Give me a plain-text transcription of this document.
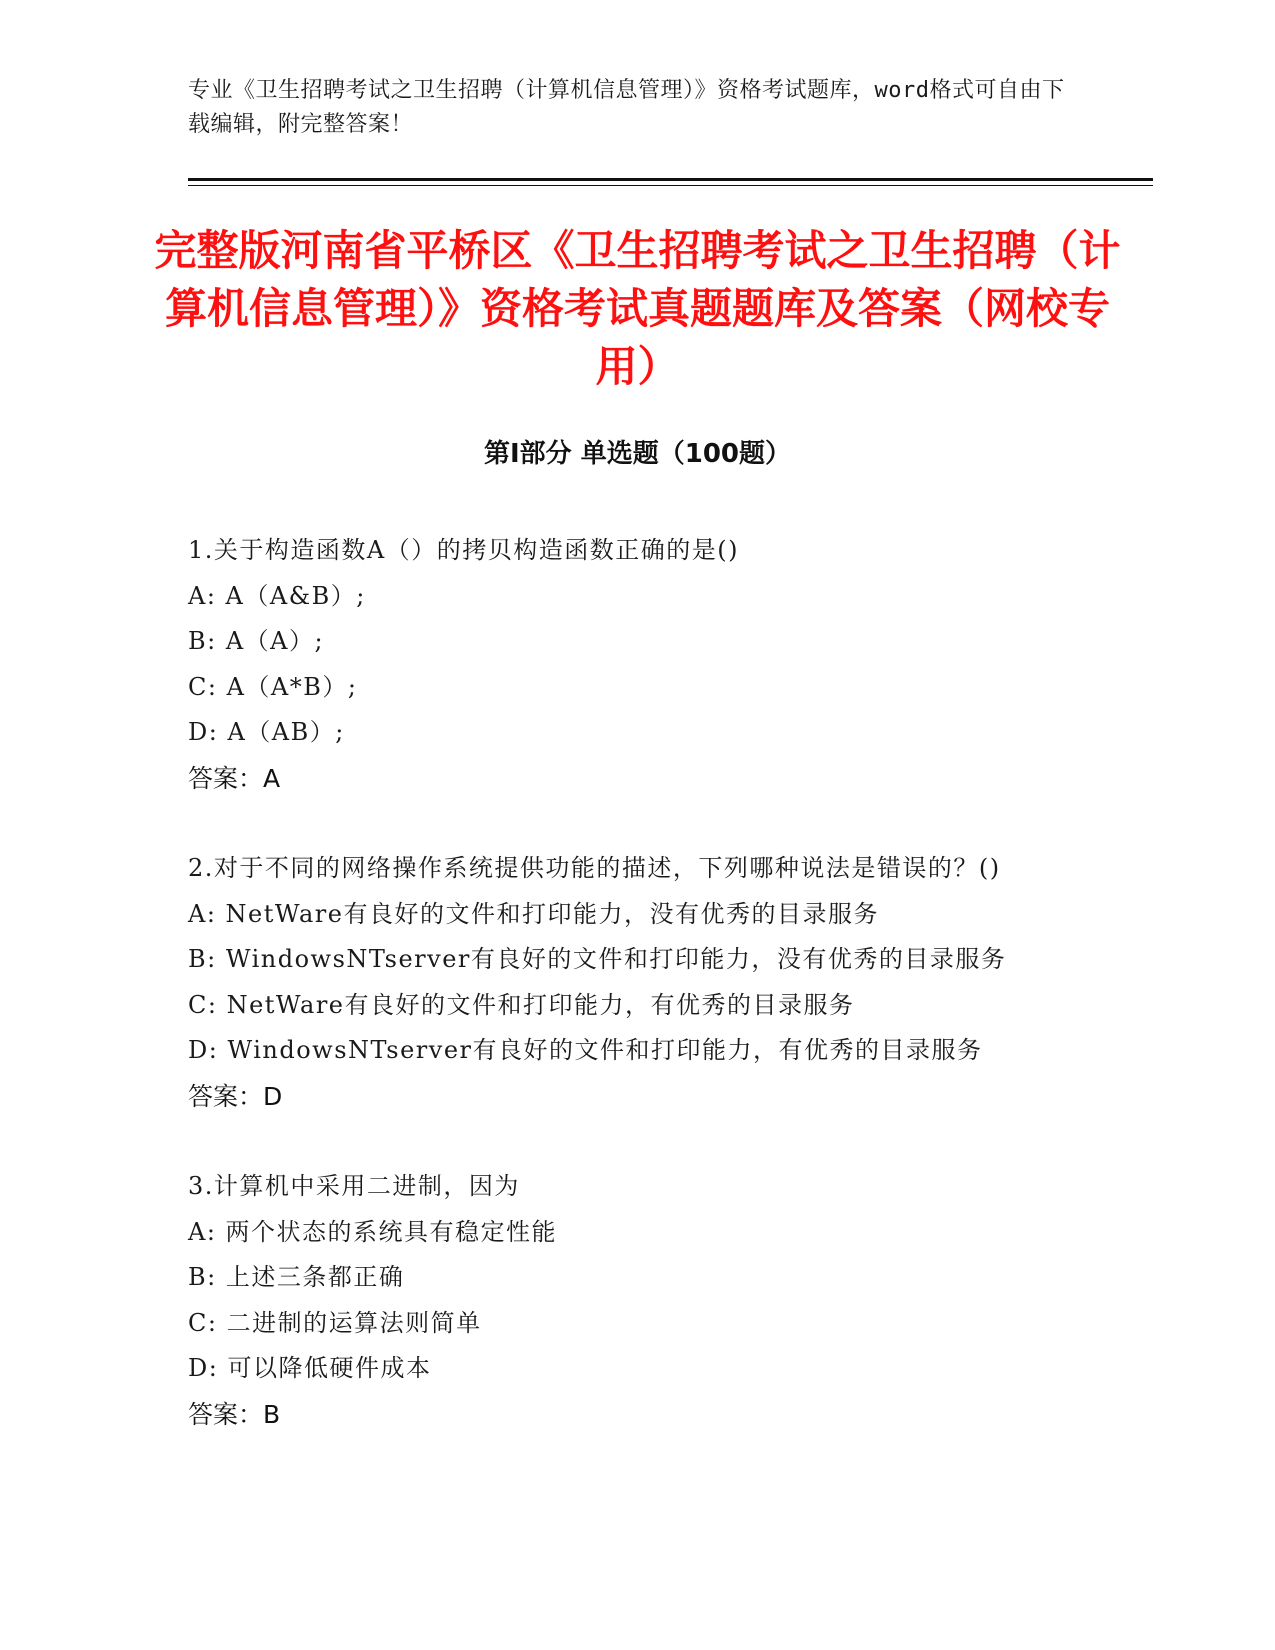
专业《卫生招聘考试之卫生招聘（计算机信息管理）》资格考试题库，word格式可自由下载编辑，附完整答案！

完整版河南省平桥区《卫生招聘考试之卫生招聘（计算机信息管理）》资格考试真题题库及答案（网校专用）
第I部分 单选题（100题）

1.关于构造函数A（）的拷贝构造函数正确的是()

A: A（A&B）;

B: A（A）;

C: A（A*B）;

D: A（AB）;

答案：A

2.对于不同的网络操作系统提供功能的描述，下列哪种说法是错误的？()

A: NetWare有良好的文件和打印能力，没有优秀的目录服务

B: WindowsNTserver有良好的文件和打印能力，没有优秀的目录服务

C: NetWare有良好的文件和打印能力，有优秀的目录服务

D: WindowsNTserver有良好的文件和打印能力，有优秀的目录服务

答案：D

3.计算机中采用二进制，因为

A: 两个状态的系统具有稳定性能

B: 上述三条都正确

C: 二进制的运算法则简单

D: 可以降低硬件成本

答案：B
